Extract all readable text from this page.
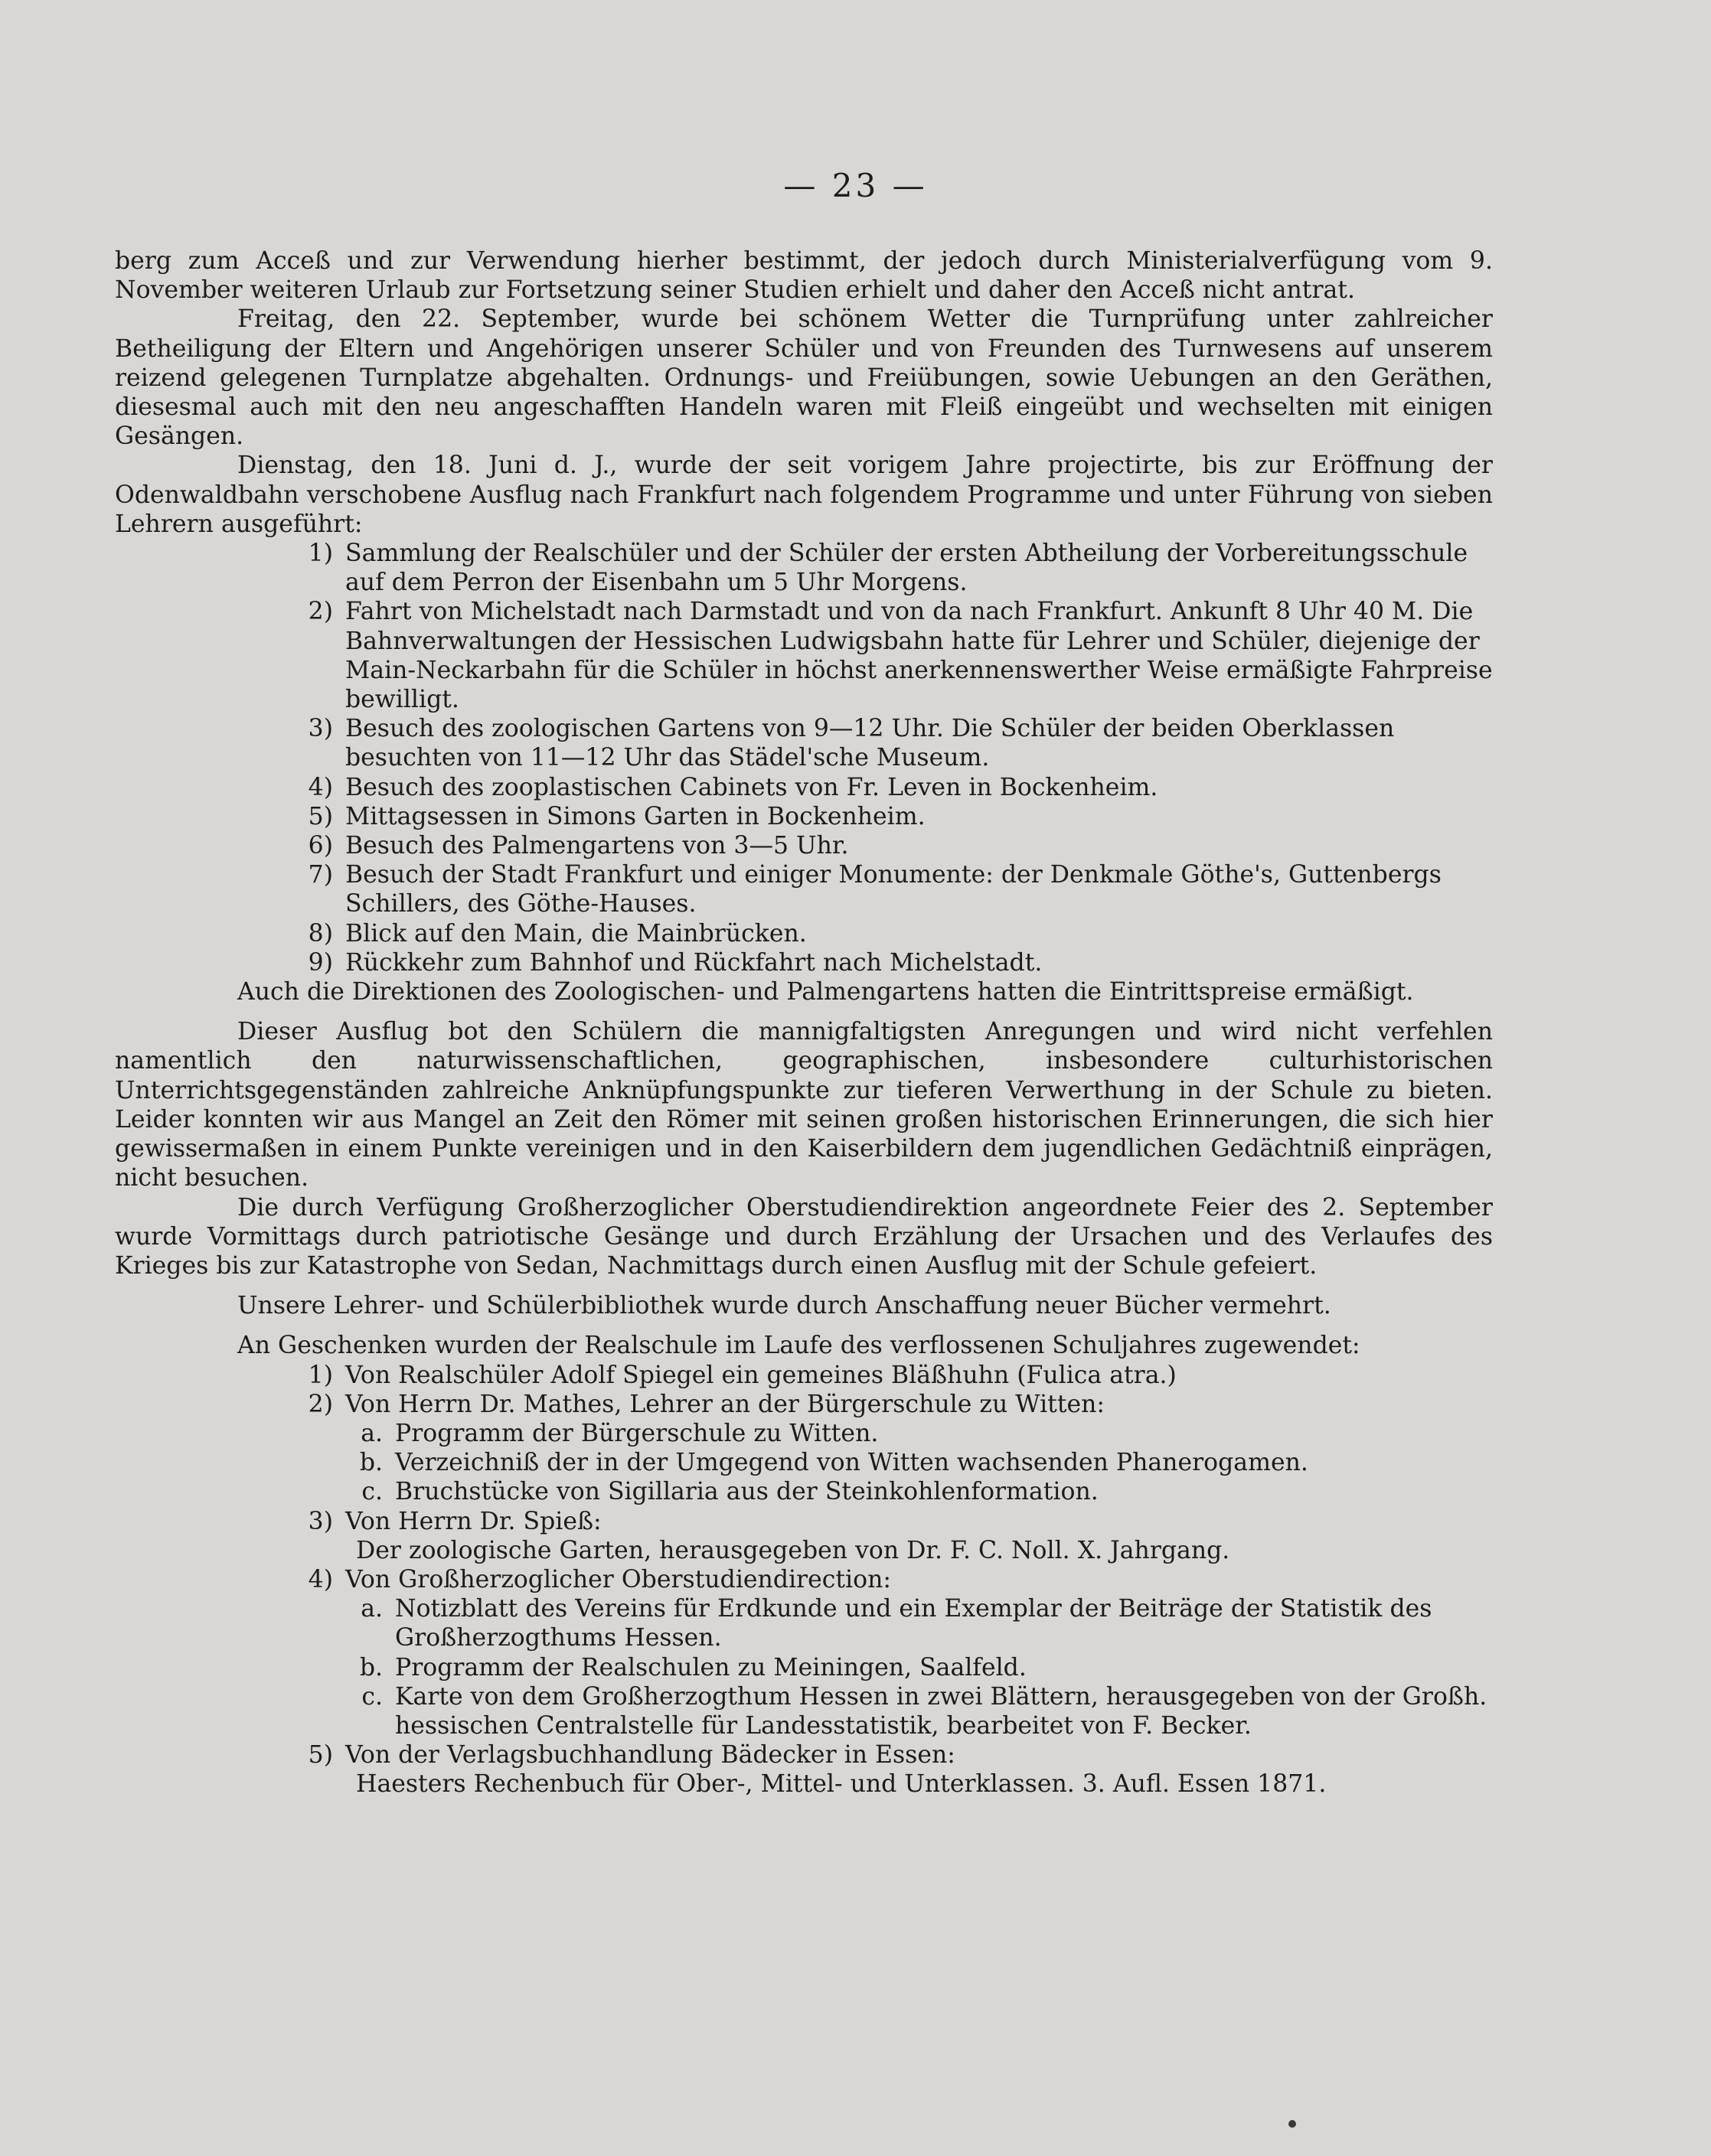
— 23 —

berg zum Acceß und zur Verwendung hierher bestimmt, der jedoch durch Ministerialverfügung vom 9. November weiteren Urlaub zur Fortsetzung seiner Studien erhielt und daher den Acceß nicht antrat.

Freitag, den 22. September, wurde bei schönem Wetter die Turnprüfung unter zahlreicher Betheiligung der Eltern und Angehörigen unserer Schüler und von Freunden des Turnwesens auf unserem reizend gelegenen Turnplatze abgehalten. Ordnungs- und Freiübungen, sowie Uebungen an den Geräthen, diesesmal auch mit den neu angeschafften Handeln waren mit Fleiß eingeübt und wechselten mit einigen Gesängen.

Dienstag, den 18. Juni d. J., wurde der seit vorigem Jahre projectirte, bis zur Eröffnung der Odenwaldbahn verschobene Ausflug nach Frankfurt nach folgendem Programme und unter Führung von sieben Lehrern ausgeführt:

1) Sammlung der Realschüler und der Schüler der ersten Abtheilung der Vorbereitungsschule auf dem Perron der Eisenbahn um 5 Uhr Morgens.
2) Fahrt von Michelstadt nach Darmstadt und von da nach Frankfurt. Ankunft 8 Uhr 40 M. Die Bahnverwaltungen der Hessischen Ludwigsbahn hatte für Lehrer und Schüler, diejenige der Main-Neckarbahn für die Schüler in höchst anerkennenswerther Weise ermäßigte Fahrpreise bewilligt.
3) Besuch des zoologischen Gartens von 9—12 Uhr. Die Schüler der beiden Oberklassen besuchten von 11—12 Uhr das Städel'sche Museum.
4) Besuch des zooplastischen Cabinets von Fr. Leven in Bockenheim.
5) Mittagsessen in Simons Garten in Bockenheim.
6) Besuch des Palmengartens von 3—5 Uhr.
7) Besuch der Stadt Frankfurt und einiger Monumente: der Denkmale Göthe's, Guttenbergs Schillers, des Göthe-Hauses.
8) Blick auf den Main, die Mainbrücken.
9) Rückkehr zum Bahnhof und Rückfahrt nach Michelstadt.

Auch die Direktionen des Zoologischen- und Palmengartens hatten die Eintrittspreise ermäßigt.

Dieser Ausflug bot den Schülern die mannigfaltigsten Anregungen und wird nicht verfehlen namentlich den naturwissenschaftlichen, geographischen, insbesondere culturhistorischen Unterrichtsgegenständen zahlreiche Anknüpfungspunkte zur tieferen Verwerthung in der Schule zu bieten. Leider konnten wir aus Mangel an Zeit den Römer mit seinen großen historischen Erinnerungen, die sich hier gewissermaßen in einem Punkte vereinigen und in den Kaiserbildern dem jugendlichen Gedächtniß einprägen, nicht besuchen.

Die durch Verfügung Großherzoglicher Oberstudiendirektion angeordnete Feier des 2. September wurde Vormittags durch patriotische Gesänge und durch Erzählung der Ursachen und des Verlaufes des Krieges bis zur Katastrophe von Sedan, Nachmittags durch einen Ausflug mit der Schule gefeiert.

Unsere Lehrer- und Schülerbibliothek wurde durch Anschaffung neuer Bücher vermehrt.

An Geschenken wurden der Realschule im Laufe des verflossenen Schuljahres zugewendet:

1) Von Realschüler Adolf Spiegel ein gemeines Bläßhuhn (Fulica atra.)
2) Von Herrn Dr. Mathes, Lehrer an der Bürgerschule zu Witten:
a. Programm der Bürgerschule zu Witten.
b. Verzeichniß der in der Umgegend von Witten wachsenden Phanerogamen.
c. Bruchstücke von Sigillaria aus der Steinkohlenformation.
3) Von Herrn Dr. Spieß:

Der zoologische Garten, herausgegeben von Dr. F. C. Noll. X. Jahrgang.

4) Von Großherzoglicher Oberstudiendirection:
a. Notizblatt des Vereins für Erdkunde und ein Exemplar der Beiträge der Statistik des Großherzogthums Hessen.
b. Programm der Realschulen zu Meiningen, Saalfeld.
c. Karte von dem Großherzogthum Hessen in zwei Blättern, herausgegeben von der Großh. hessischen Centralstelle für Landesstatistik, bearbeitet von F. Becker.
5) Von der Verlagsbuchhandlung Bädecker in Essen:

Haesters Rechenbuch für Ober-, Mittel- und Unterklassen. 3. Aufl. Essen 1871.
